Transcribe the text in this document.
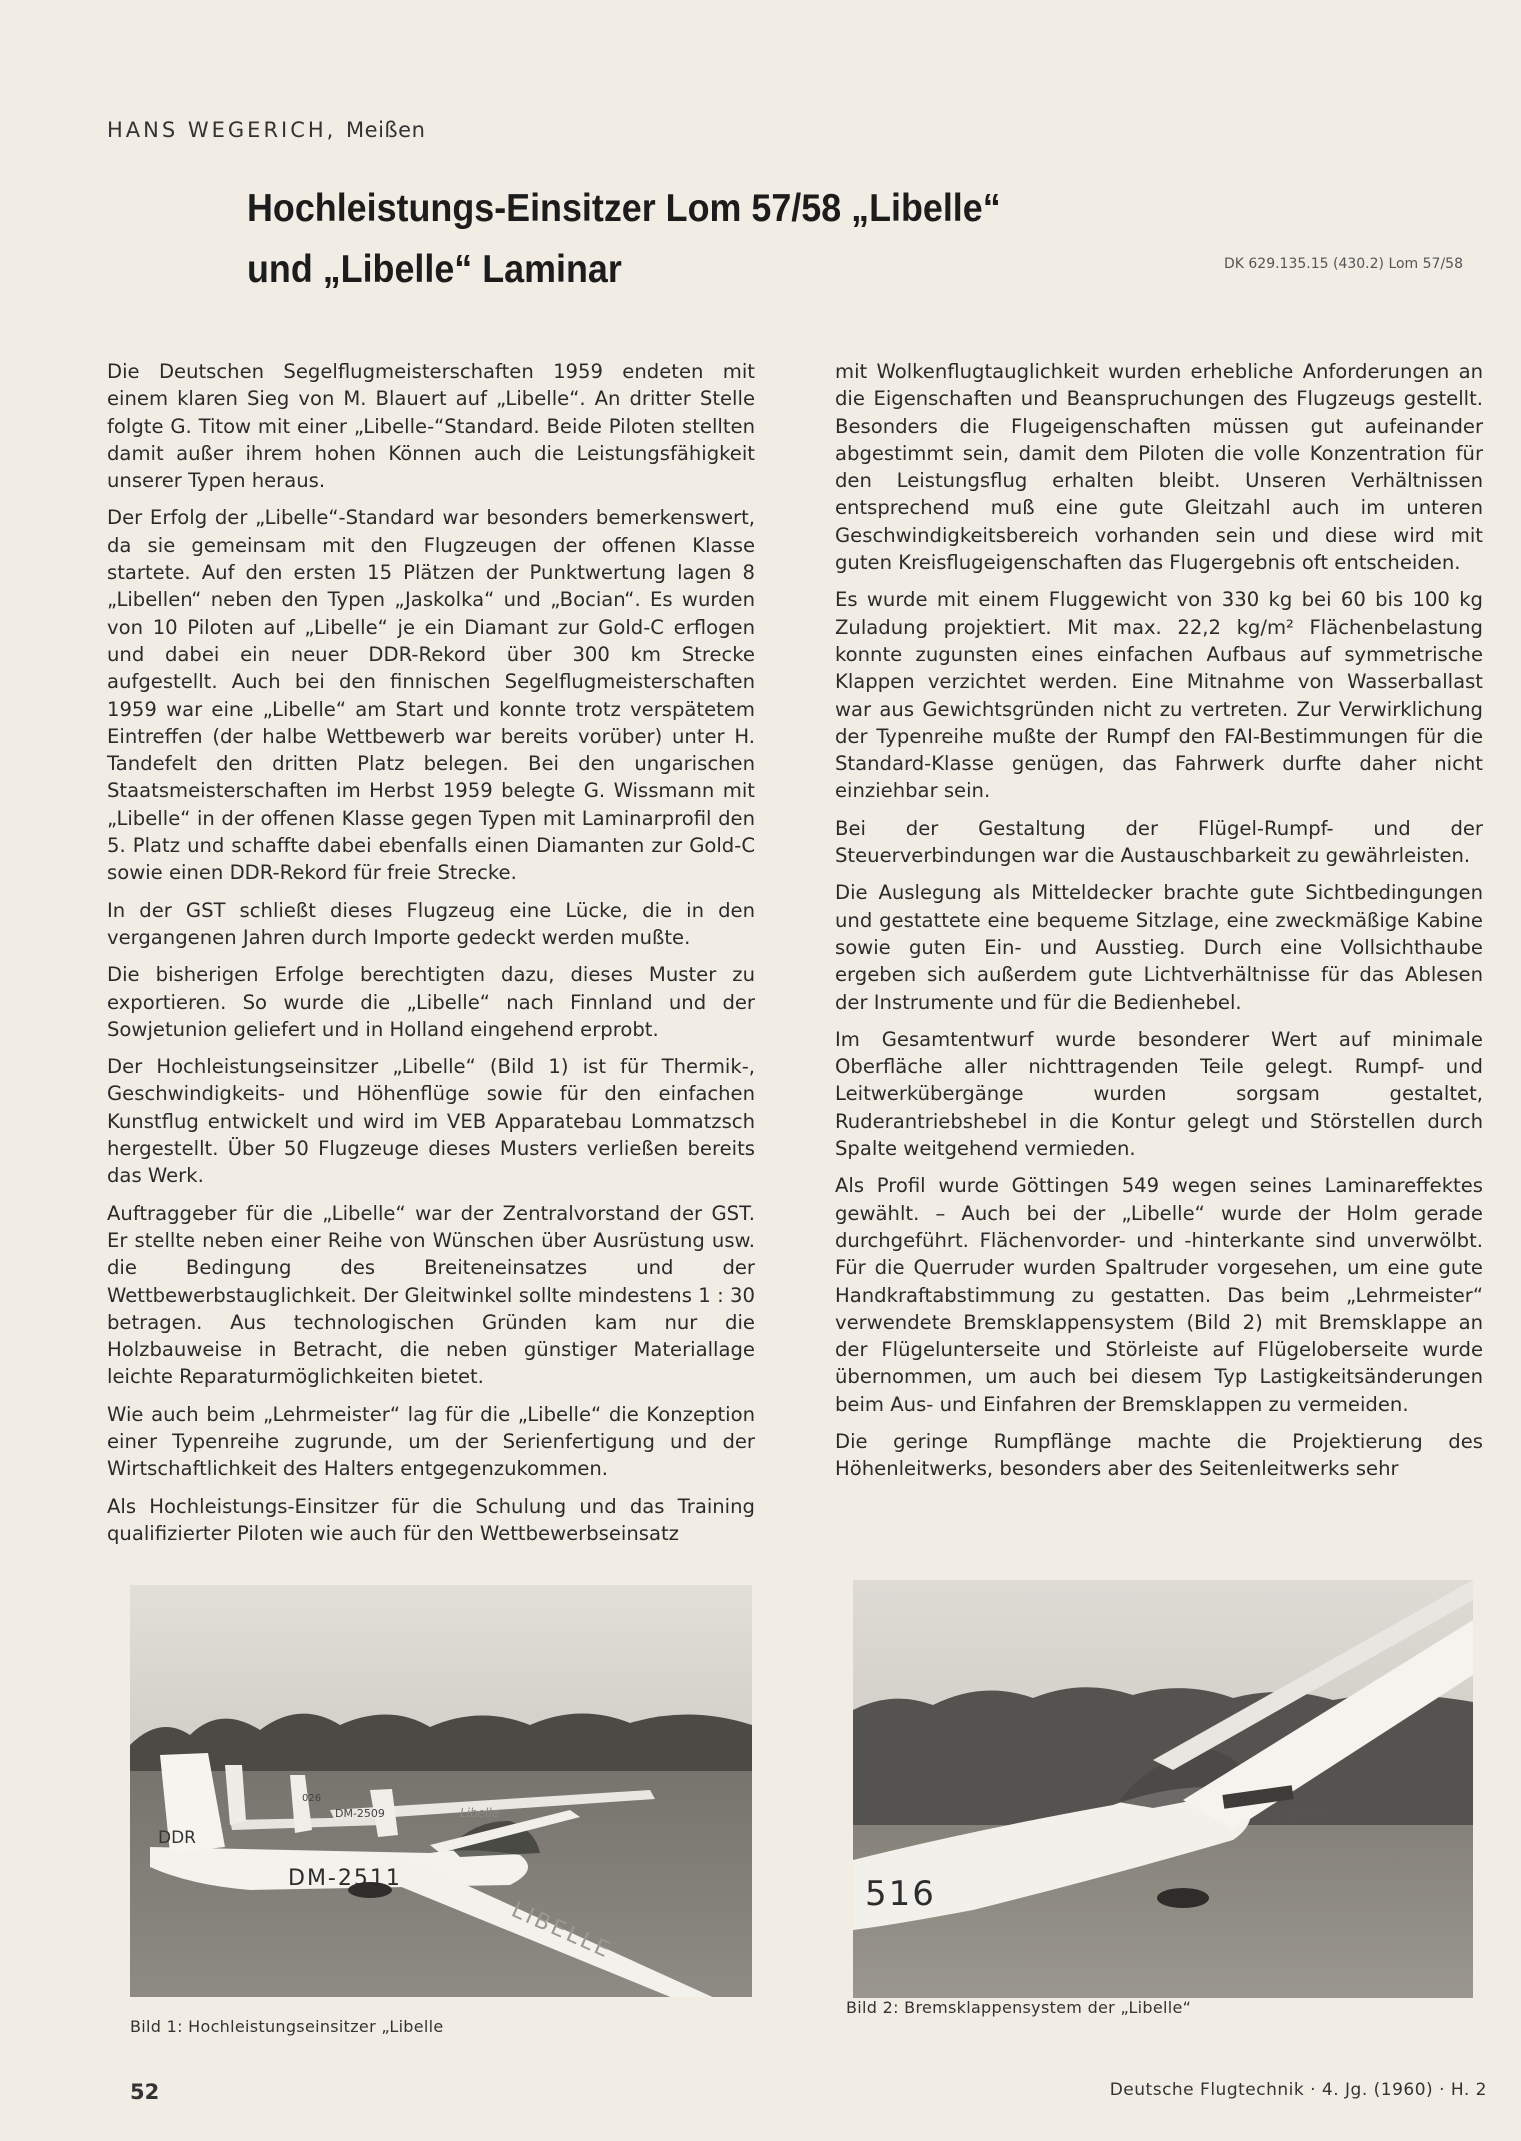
HANS WEGERICH, Meißen
Hochleistungs-Einsitzer Lom 57/58 „Libelle“
und „Libelle“ Laminar	DK 629.135.15 (430.2) Lom 57/58

Die Deutschen Segelflugmeisterschaften 1959 endeten mit einem klaren Sieg von M. Blauert auf „Libelle“. An dritter Stelle folgte G. Titow mit einer „Libelle-“Standard. Beide Piloten stellten damit außer ihrem hohen Können auch die Leistungsfähigkeit unserer Typen heraus.

Der Erfolg der „Libelle“-Standard war besonders bemerkenswert, da sie gemeinsam mit den Flugzeugen der offenen Klasse startete. Auf den ersten 15 Plätzen der Punktwertung lagen 8 „Libellen“ neben den Typen „Jaskolka“ und „Bocian“. Es wurden von 10 Piloten auf „Libelle“ je ein Diamant zur Gold-C erflogen und dabei ein neuer DDR-Rekord über 300 km Strecke aufgestellt. Auch bei den finnischen Segelflugmeisterschaften 1959 war eine „Libelle“ am Start und konnte trotz verspätetem Eintreffen (der halbe Wettbewerb war bereits vorüber) unter H. Tandefelt den dritten Platz belegen. Bei den ungarischen Staatsmeisterschaften im Herbst 1959 belegte G. Wissmann mit „Libelle“ in der offenen Klasse gegen Typen mit Laminarprofil den 5. Platz und schaffte dabei ebenfalls einen Diamanten zur Gold-C sowie einen DDR-Rekord für freie Strecke.

In der GST schließt dieses Flugzeug eine Lücke, die in den vergangenen Jahren durch Importe gedeckt werden mußte.

Die bisherigen Erfolge berechtigten dazu, dieses Muster zu exportieren. So wurde die „Libelle“ nach Finnland und der Sowjetunion geliefert und in Holland eingehend erprobt.

Der Hochleistungseinsitzer „Libelle“ (Bild 1) ist für Thermik-, Geschwindigkeits- und Höhenflüge sowie für den einfachen Kunstflug entwickelt und wird im VEB Apparatebau Lommatzsch hergestellt. Über 50 Flugzeuge dieses Musters verließen bereits das Werk.

Auftraggeber für die „Libelle“ war der Zentralvorstand der GST. Er stellte neben einer Reihe von Wünschen über Ausrüstung usw. die Bedingung des Breiteneinsatzes und der Wettbewerbstauglichkeit. Der Gleitwinkel sollte mindestens 1 : 30 betragen. Aus technologischen Gründen kam nur die Holzbauweise in Betracht, die neben günstiger Materiallage leichte Reparaturmöglichkeiten bietet.

Wie auch beim „Lehrmeister“ lag für die „Libelle“ die Konzeption einer Typenreihe zugrunde, um der Serienfertigung und der Wirtschaftlichkeit des Halters entgegenzukommen.

Als Hochleistungs-Einsitzer für die Schulung und das Training qualifizierter Piloten wie auch für den Wettbewerbseinsatz

mit Wolkenflugtauglichkeit wurden erhebliche Anforderungen an die Eigenschaften und Beanspruchungen des Flugzeugs gestellt. Besonders die Flugeigenschaften müssen gut aufeinander abgestimmt sein, damit dem Piloten die volle Konzentration für den Leistungsflug erhalten bleibt. Unseren Verhältnissen entsprechend muß eine gute Gleitzahl auch im unteren Geschwindigkeitsbereich vorhanden sein und diese wird mit guten Kreisflugeigenschaften das Flugergebnis oft entscheiden.

Es wurde mit einem Fluggewicht von 330 kg bei 60 bis 100 kg Zuladung projektiert. Mit max. 22,2 kg/m² Flächenbelastung konnte zugunsten eines einfachen Aufbaus auf symmetrische Klappen verzichtet werden. Eine Mitnahme von Wasserballast war aus Gewichtsgründen nicht zu vertreten. Zur Verwirklichung der Typenreihe mußte der Rumpf den FAI-Bestimmungen für die Standard-Klasse genügen, das Fahrwerk durfte daher nicht einziehbar sein.

Bei der Gestaltung der Flügel-Rumpf- und der Steuerverbindungen war die Austauschbarkeit zu gewährleisten.

Die Auslegung als Mitteldecker brachte gute Sichtbedingungen und gestattete eine bequeme Sitzlage, eine zweckmäßige Kabine sowie guten Ein- und Ausstieg. Durch eine Vollsichthaube ergeben sich außerdem gute Lichtverhältnisse für das Ablesen der Instrumente und für die Bedienhebel.

Im Gesamtentwurf wurde besonderer Wert auf minimale Oberfläche aller nichttragenden Teile gelegt. Rumpf- und Leitwerkübergänge wurden sorgsam gestaltet, Ruderantriebshebel in die Kontur gelegt und Störstellen durch Spalte weitgehend vermieden.

Als Profil wurde Göttingen 549 wegen seines Laminareffektes gewählt. – Auch bei der „Libelle“ wurde der Holm gerade durchgeführt. Flächenvorder- und -hinterkante sind unverwölbt. Für die Querruder wurden Spaltruder vorgesehen, um eine gute Handkraftabstimmung zu gestatten. Das beim „Lehrmeister“ verwendete Bremsklappensystem (Bild 2) mit Bremsklappe an der Flügelunterseite und Störleiste auf Flügeloberseite wurde übernommen, um auch bei diesem Typ Lastigkeitsänderungen beim Aus- und Einfahren der Bremsklappen zu vermeiden.

Die geringe Rumpflänge machte die Projektierung des Höhenleitwerks, besonders aber des Seitenleitwerks sehr

DDR
DM-2511
DM-2509
026
Libelle
LIBELLE
516
Libelle
Bild 1: Hochleistungseinsitzer „Libelle
Bild 2: Bremsklappensystem der „Libelle“
52	Deutsche Flugtechnik · 4. Jg. (1960) · H. 2
